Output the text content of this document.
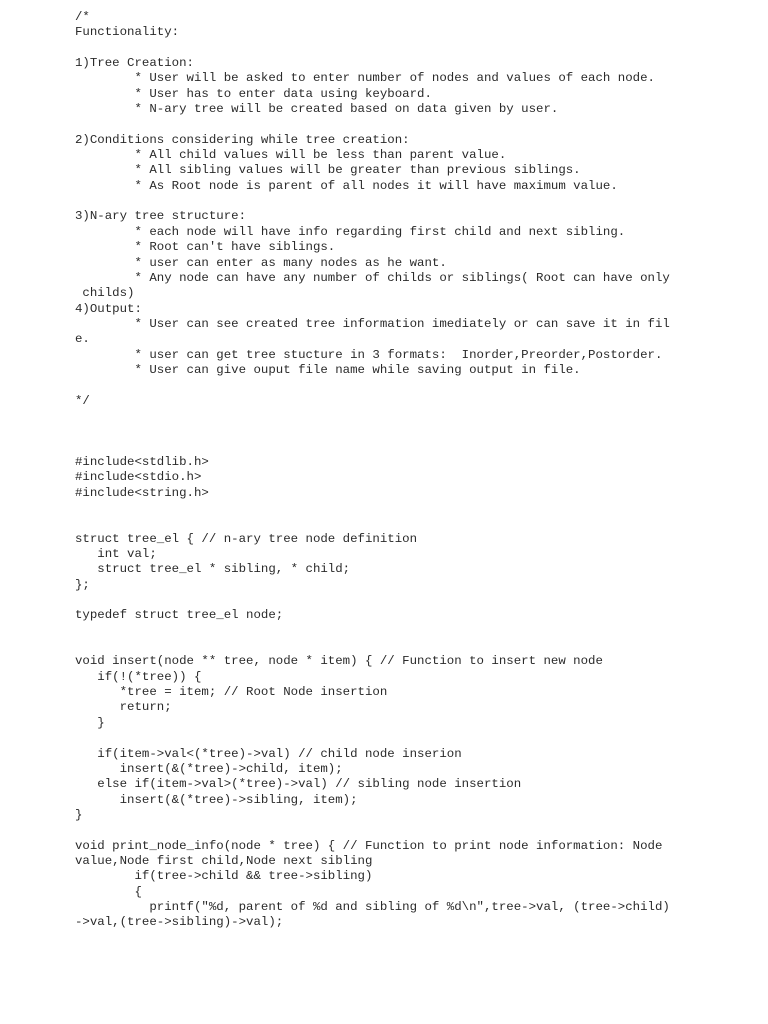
/*
Functionality:
1)Tree Creation:
* User will be asked to enter number of nodes and values of each node.
* User has to enter data using keyboard.
* N-ary tree will be created based on data given by user.
2)Conditions considering while tree creation:
* All child values will be less than parent value.
* All sibling values will be greater than previous siblings.
* As Root node is parent of all nodes it will have maximum value.
3)N-ary tree structure:
* each node will have info regarding first child and next sibling.
* Root can't have siblings.
* user can enter as many nodes as he want.
* Any node can have any number of childs or siblings( Root can have only
childs)
4)Output:
* User can see created tree information imediately or can save it in fil
e.
* user can get tree stucture in 3 formats:  Inorder,Preorder,Postorder.
* User can give ouput file name while saving output in file.
*/
#include<stdlib.h>
#include<stdio.h>
#include<string.h>
struct tree_el { // n-ary tree node definition
int val;
struct tree_el * sibling, * child;
};
typedef struct tree_el node;
void insert(node ** tree, node * item) { // Function to insert new node
if(!(*tree)) {
*tree = item; // Root Node insertion
return;
}
if(item->val<(*tree)->val) // child node inserion
insert(&(*tree)->child, item);
else if(item->val>(*tree)->val) // sibling node insertion
insert(&(*tree)->sibling, item);
}
void print_node_info(node * tree) { // Function to print node information: Node
value,Node first child,Node next sibling
if(tree->child && tree->sibling)
{
printf("%d, parent of %d and sibling of %d\n",tree->val, (tree->child)
->val,(tree->sibling)->val);
